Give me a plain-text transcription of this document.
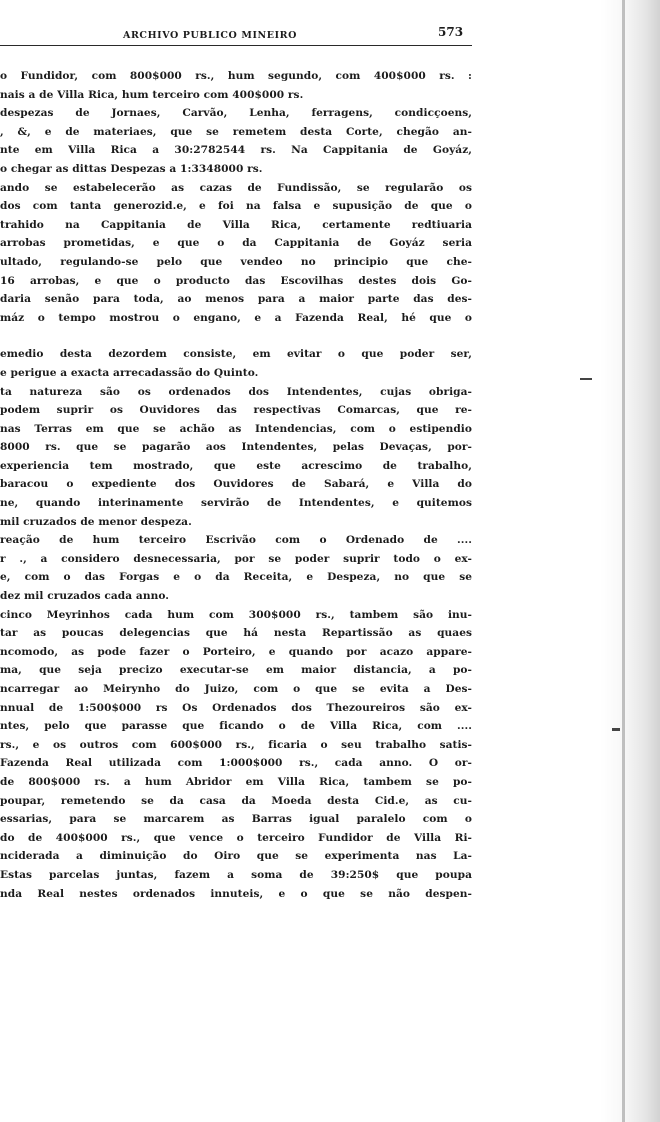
ARCHIVO PUBLICO MINEIRO	573
o Fundidor, com 800$000 rs., hum segundo, com 400$000 rs. :
nais a de Villa Rica, hum terceiro com 400$000 rs.
despezas de Jornaes, Carvão, Lenha, ferragens, condicçoens,
, &, e de materiaes, que se remetem desta Corte, chegão an-
nte em Villa Rica a 30:2782544 rs. Na Cappitania de Goyáz,
o chegar as dittas Despezas a 1:3348000 rs.
ando se estabelecerão as cazas de Fundissão, se regularão os
dos com tanta generozid.e, e foi na falsa e supusição de que o
trahido na Cappitania de Villa Rica, certamente redtiuaria
arrobas prometidas, e que o da Cappitania de Goyáz seria
ultado, regulando-se pelo que vendeo no principio que che-
16 arrobas, e que o producto das Escovilhas destes dois Go-
daria senão para toda, ao menos para a maior parte das des-
máz o tempo mostrou o engano, e a Fazenda Real, hé que o
emedio desta dezordem consiste, em evitar o que poder ser,
e perigue a exacta arrecadassão do Quinto.
ta natureza são os ordenados dos Intendentes, cujas obriga-
podem suprir os Ouvidores das respectivas Comarcas, que re-
nas Terras em que se achão as Intendencias, com o estipendio
8000 rs. que se pagarão aos Intendentes, pelas Devaças, por-
experiencia tem mostrado, que este acrescimo de trabalho,
baracou o expediente dos Ouvidores de Sabará, e Villa do
ne, quando interinamente servirão de Intendentes, e quitemos
mil cruzados de menor despeza.
reação de hum terceiro Escrivão com o Ordenado de ....
r ., a considero desnecessaria, por se poder suprir todo o ex-
e, com o das Forgas e o da Receita, e Despeza, no que se
dez mil cruzados cada anno.
cinco Meyrinhos cada hum com 300$000 rs., tambem são inu-
tar as poucas delegencias que há nesta Repartissão as quaes
ncomodo, as pode fazer o Porteiro, e quando por acazo appare-
ma, que seja precizo executar-se em maior distancia, a po-
ncarregar ao Meirynho do Juizo, com o que se evita a Des-
nnual de 1:500$000 rs Os Ordenados dos Thezoureiros são ex-
ntes, pelo que parasse que ficando o de Villa Rica, com ....
rs., e os outros com 600$000 rs., ficaria o seu trabalho satis-
Fazenda Real utilizada com 1:000$000 rs., cada anno. O or-
de 800$000 rs. a hum Abridor em Villa Rica, tambem se po-
poupar, remetendo se da casa da Moeda desta Cid.e, as cu-
essarias, para se marcarem as Barras igual paralelo com o
do de 400$000 rs., que vence o terceiro Fundidor de Villa Ri-
nciderada a diminuição do Oiro que se experimenta nas La-
Estas parcelas juntas, fazem a soma de 39:250$ que poupa
nda Real nestes ordenados innuteis, e o que se não despen-
